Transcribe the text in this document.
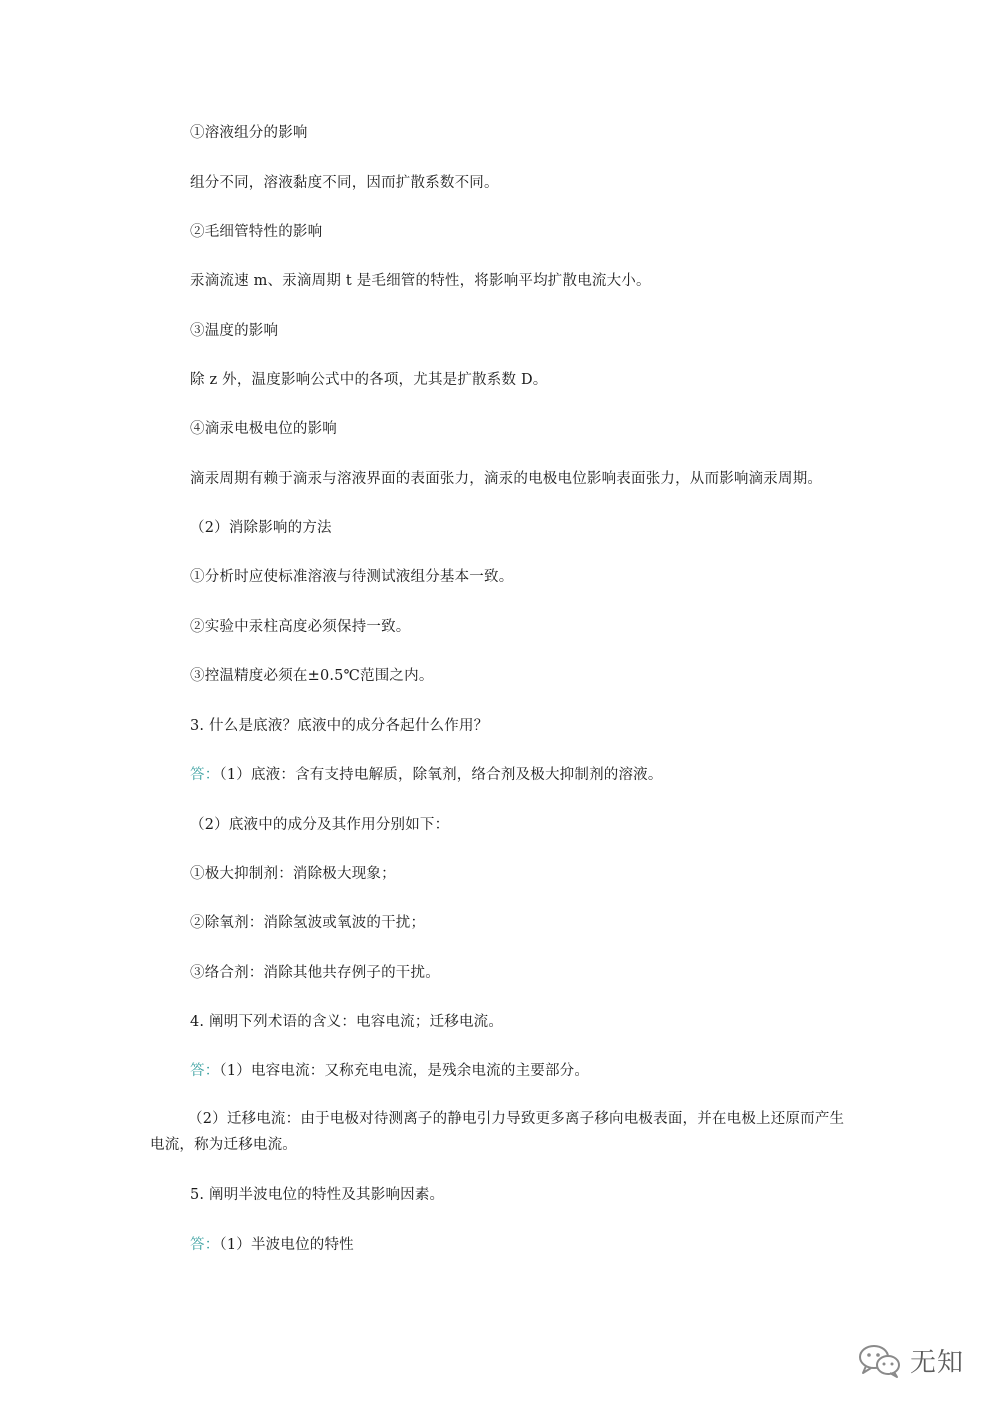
①溶液组分的影响
组分不同，溶液黏度不同，因而扩散系数不同。
②毛细管特性的影响
汞滴流速 m、汞滴周期 t 是毛细管的特性，将影响平均扩散电流大小。
③温度的影响
除 z 外，温度影响公式中的各项，尤其是扩散系数 D。
④滴汞电极电位的影响
滴汞周期有赖于滴汞与溶液界面的表面张力，滴汞的电极电位影响表面张力，从而影响滴汞周期。
（2）消除影响的方法
①分析时应使标准溶液与待测试液组分基本一致。
②实验中汞柱高度必须保持一致。
③控温精度必须在±0.5℃范围之内。
3. 什么是底液？底液中的成分各起什么作用？
答：（1）底液：含有支持电解质，除氧剂，络合剂及极大抑制剂的溶液。
（2）底液中的成分及其作用分别如下：
①极大抑制剂：消除极大现象；
②除氧剂：消除氢波或氧波的干扰；
③络合剂：消除其他共存例子的干扰。
4. 阐明下列术语的含义：电容电流；迁移电流。
答：（1）电容电流：又称充电电流，是残余电流的主要部分。
（2）迁移电流：由于电极对待测离子的静电引力导致更多离子移向电极表面，并在电极上还原而产生电流，称为迁移电流。
5. 阐明半波电位的特性及其影响因素。
答：（1）半波电位的特性
无知
